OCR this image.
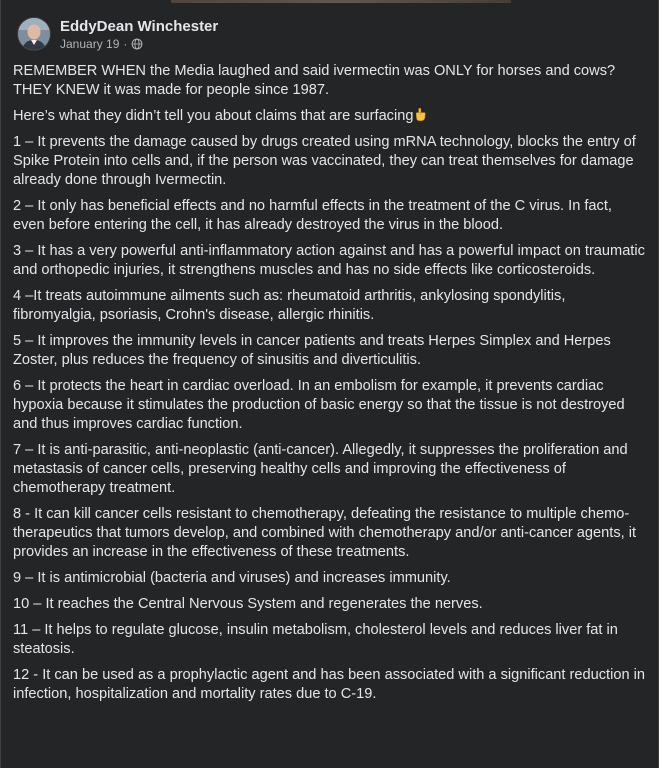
EddyDean Winchester
January 19 ·

REMEMBER WHEN the Media laughed and said ivermectin was ONLY for horses and cows? THEY KNEW it was made for people since 1987.

Here’s what they didn’t tell you about claims that are surfacing

1 – It prevents the damage caused by drugs created using mRNA technology, blocks the entry of Spike Protein into cells and, if the person was vaccinated, they can treat themselves for damage already done through Ivermectin.

2 – It only has beneficial effects and no harmful effects in the treatment of the C virus. In fact, even before entering the cell, it has already destroyed the virus in the blood.

3 – It has a very powerful anti-inflammatory action against and has a powerful impact on traumatic and orthopedic injuries, it strengthens muscles and has no side effects like corticosteroids.

4 –It treats autoimmune ailments such as: rheumatoid arthritis, ankylosing spondylitis, fibromyalgia, psoriasis, Crohn's disease, allergic rhinitis.

5 – It improves the immunity levels in cancer patients and treats Herpes Simplex and Herpes Zoster, plus reduces the frequency of sinusitis and diverticulitis.

6 – It protects the heart in cardiac overload. In an embolism for example, it prevents cardiac hypoxia because it stimulates the production of basic energy so that the tissue is not destroyed and thus improves cardiac function.

7 – It is anti-parasitic, anti-neoplastic (anti-cancer). Allegedly, it suppresses the proliferation and metastasis of cancer cells, preserving healthy cells and improving the effectiveness of chemotherapy treatment.

8 - It can kill cancer cells resistant to chemotherapy, defeating the resistance to multiple chemo-therapeutics that tumors develop, and combined with chemotherapy and/or anti-cancer agents, it provides an increase in the effectiveness of these treatments.

9 – It is antimicrobial (bacteria and viruses) and increases immunity.

10 – It reaches the Central Nervous System and regenerates the nerves.

11 – It helps to regulate glucose, insulin metabolism, cholesterol levels and reduces liver fat in steatosis.

12 - It can be used as a prophylactic agent and has been associated with a significant reduction in infection, hospitalization and mortality rates due to C-19.
